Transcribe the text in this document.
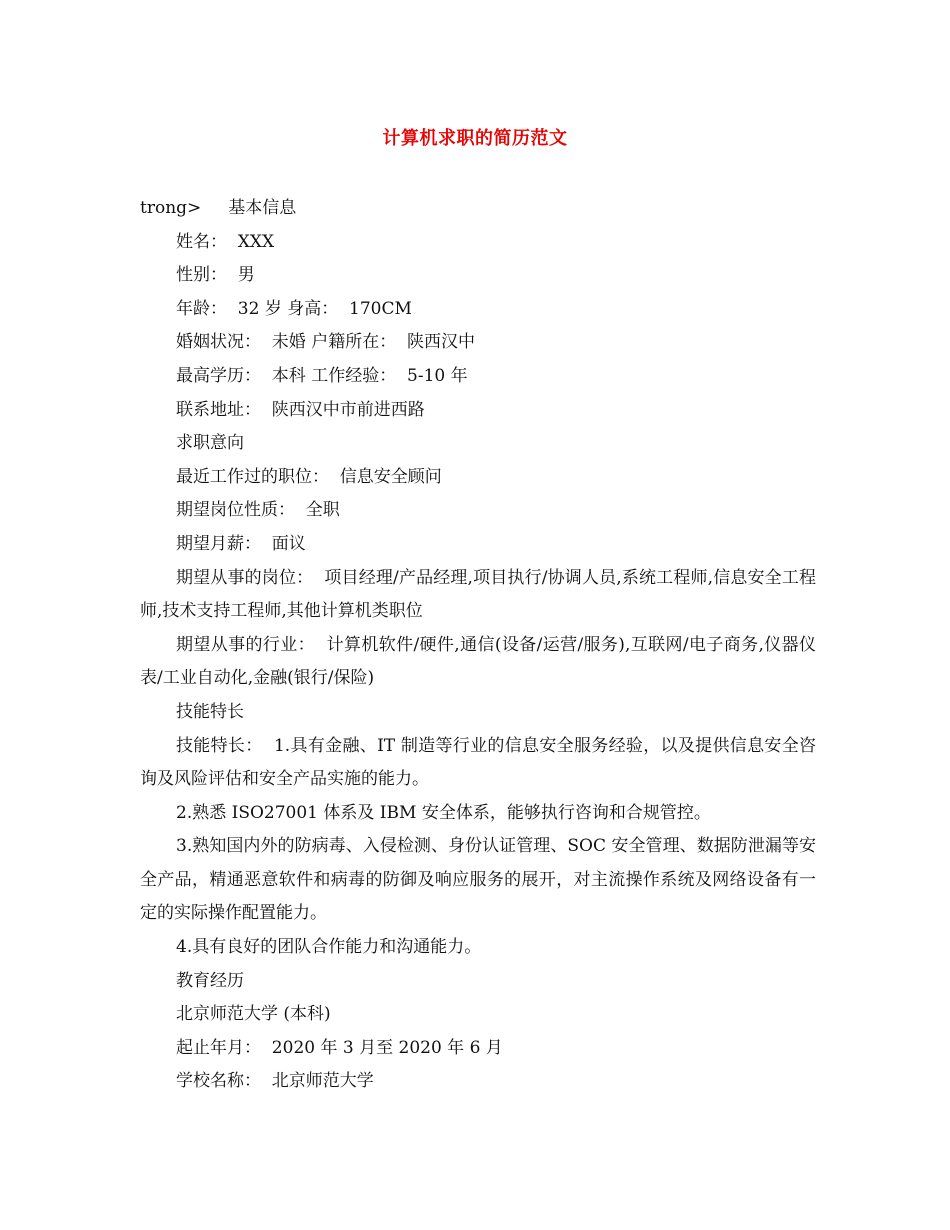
计算机求职的简历范文
trong>     基本信息
姓名：  XXX
性别：  男
年龄：  32 岁 身高：  170CM
婚姻状况：  未婚 户籍所在：  陕西汉中
最高学历：  本科 工作经验：  5-10 年
联系地址：  陕西汉中市前进西路
求职意向
最近工作过的职位：  信息安全顾问
期望岗位性质：  全职
期望月薪：  面议
期望从事的岗位：  项目经理/产品经理,项目执行/协调人员,系统工程师,信息安全工程师,技术支持工程师,其他计算机类职位
期望从事的行业：  计算机软件/硬件,通信(设备/运营/服务),互联网/电子商务,仪器仪表/工业自动化,金融(银行/保险)
技能特长
技能特长：  1.具有金融、IT 制造等行业的信息安全服务经验，以及提供信息安全咨询及风险评估和安全产品实施的能力。
2.熟悉 ISO27001 体系及 IBM 安全体系，能够执行咨询和合规管控。
3.熟知国内外的防病毒、入侵检测、身份认证管理、SOC 安全管理、数据防泄漏等安全产品，精通恶意软件和病毒的防御及响应服务的展开，对主流操作系统及网络设备有一定的实际操作配置能力。
4.具有良好的团队合作能力和沟通能力。
教育经历
北京师范大学 (本科)
起止年月：  2020 年 3 月至 2020 年 6 月
学校名称：  北京师范大学
